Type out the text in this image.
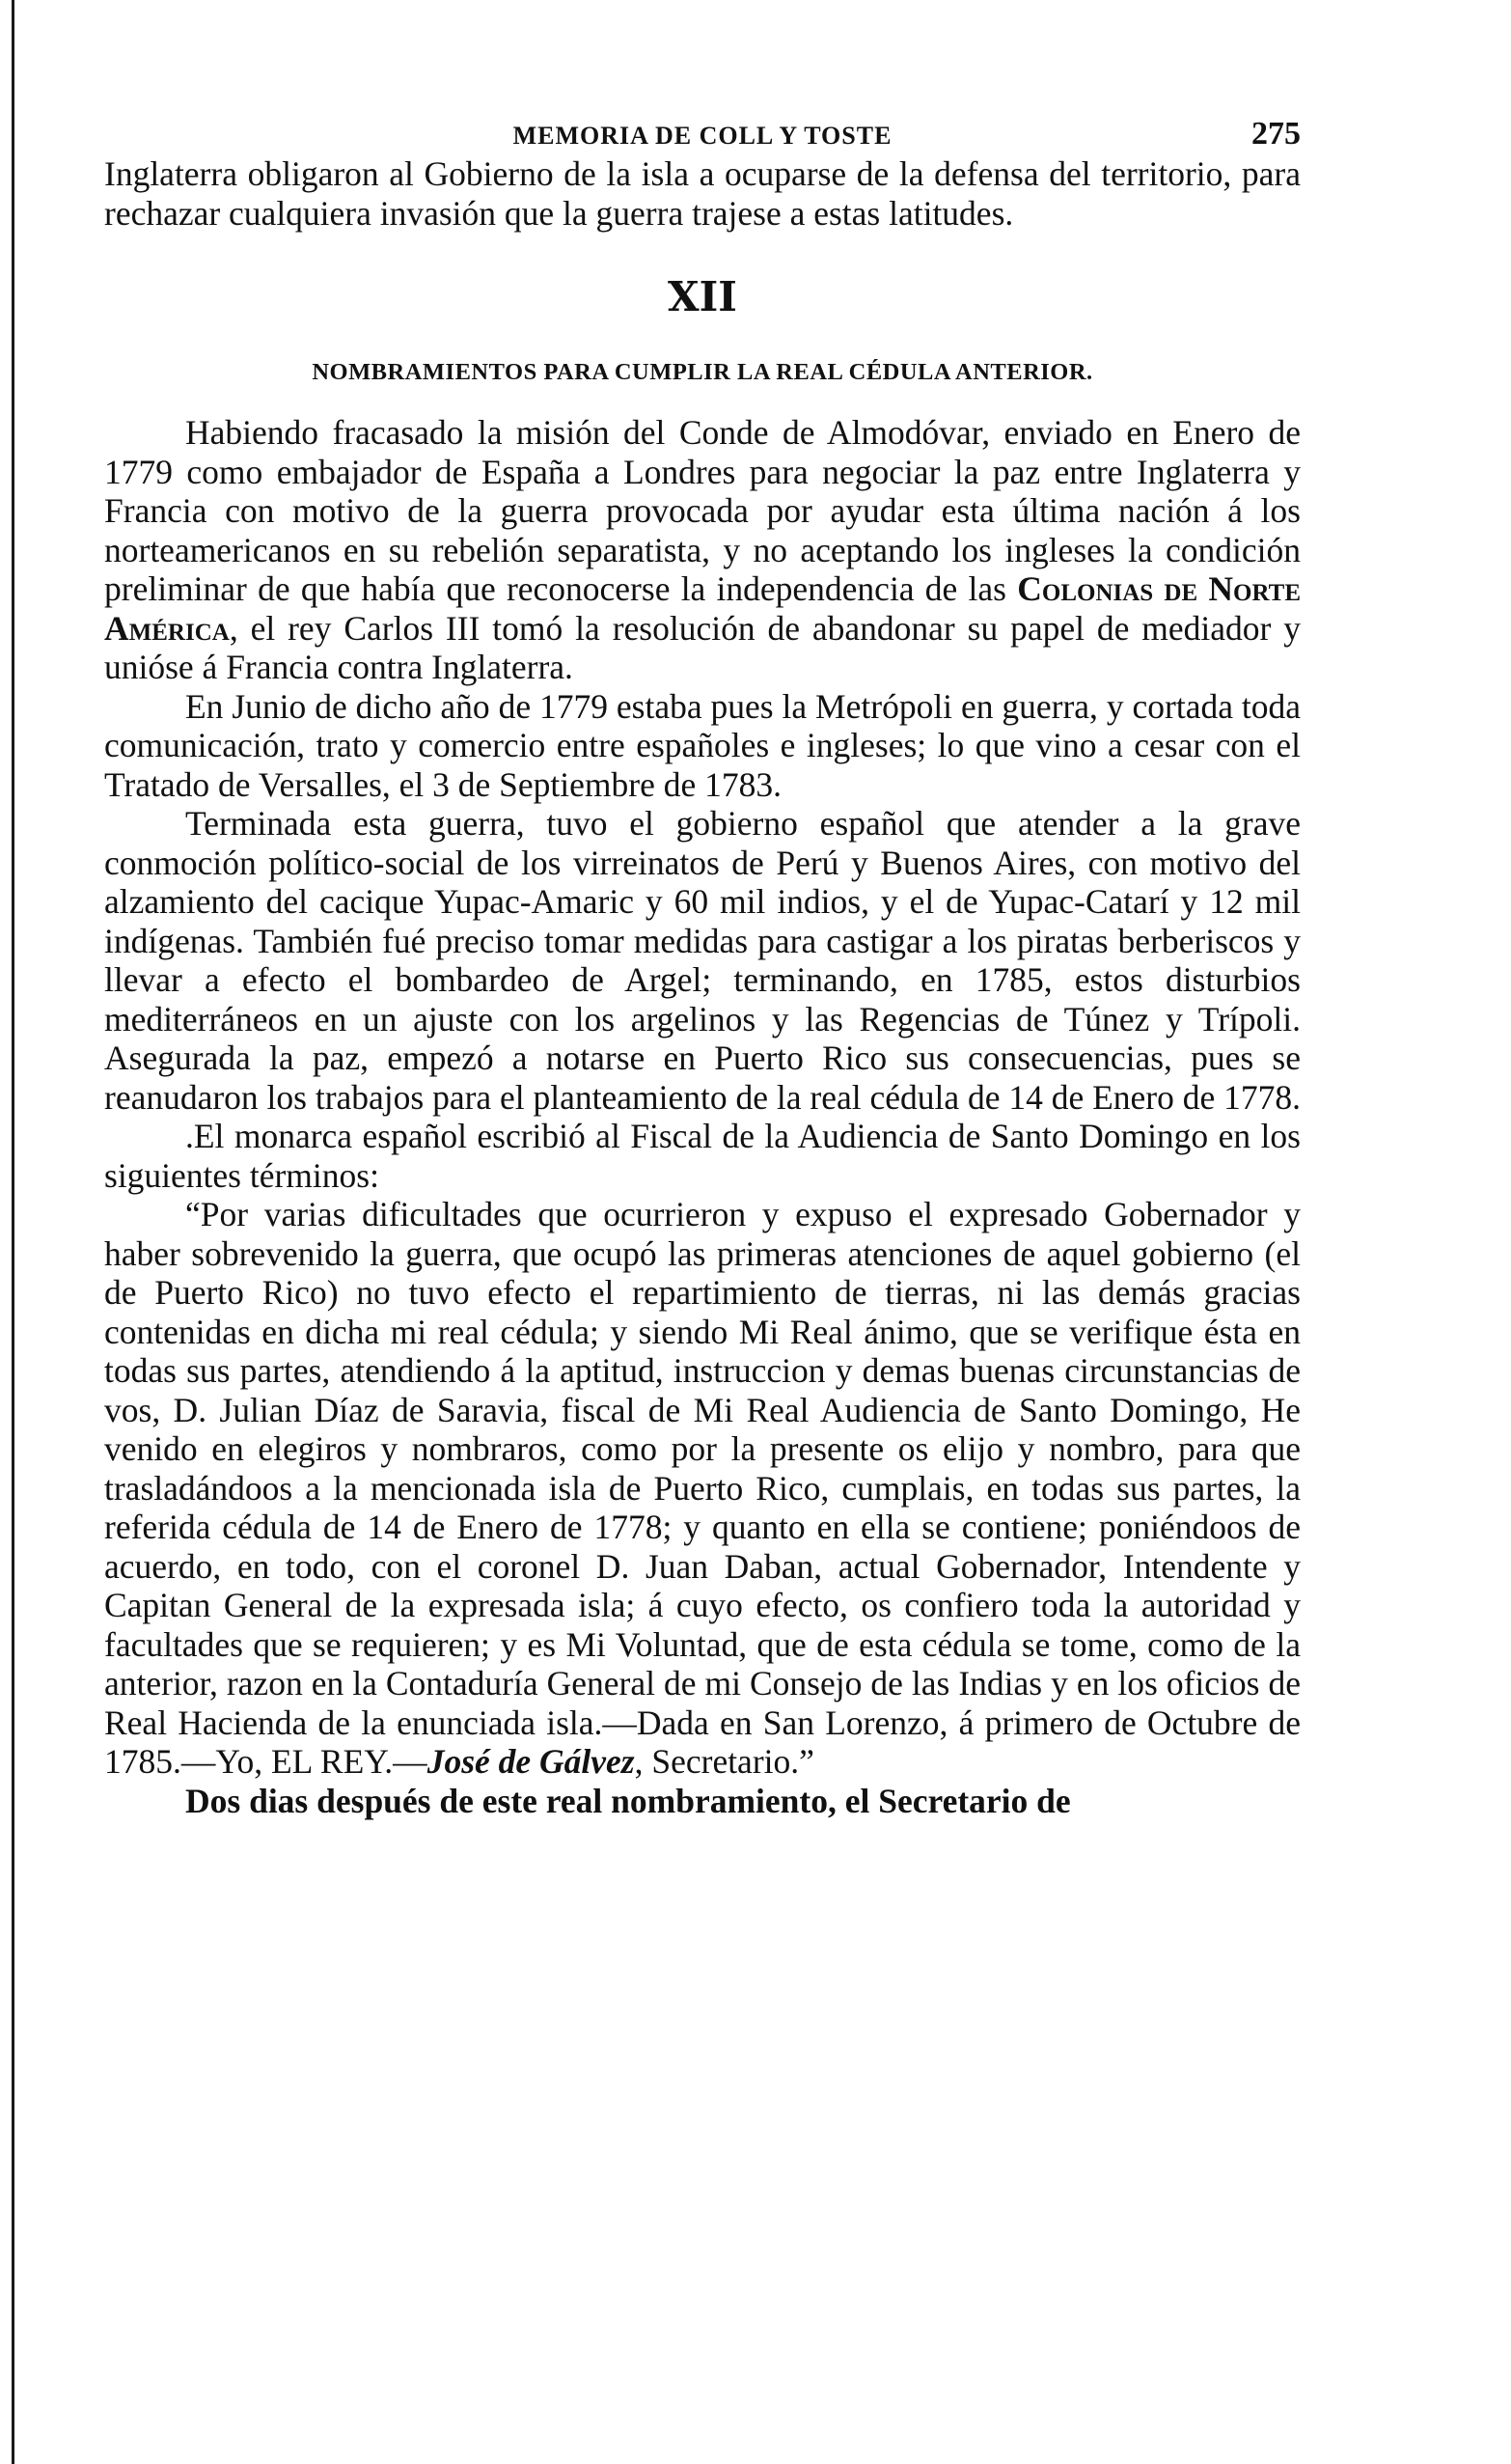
MEMORIA DE COLL Y TOSTE	275

Inglaterra obligaron al Gobierno de la isla a ocuparse de la defensa del territorio, para rechazar cualquiera invasión que la guerra trajese a estas latitudes.

XII
NOMBRAMIENTOS PARA CUMPLIR LA REAL CÉDULA ANTERIOR.

Habiendo fracasado la misión del Conde de Almodóvar, enviado en Enero de 1779 como embajador de España a Londres para negociar la paz entre Inglaterra y Francia con motivo de la guerra provocada por ayudar esta última nación á los norteamericanos en su rebelión separatista, y no aceptando los ingleses la condición preliminar de que había que reconocerse la independencia de las Colonias de Norte América, el rey Carlos III tomó la resolución de abandonar su papel de mediador y unióse á Francia contra Inglaterra.

En Junio de dicho año de 1779 estaba pues la Metrópoli en guerra, y cortada toda comunicación, trato y comercio entre españoles e ingleses; lo que vino a cesar con el Tratado de Versalles, el 3 de Septiembre de 1783.

Terminada esta guerra, tuvo el gobierno español que atender a la grave conmoción político-social de los virreinatos de Perú y Buenos Aires, con motivo del alzamiento del cacique Yupac-Amaric y 60 mil indios, y el de Yupac-Catarí y 12 mil indígenas. También fué preciso tomar medidas para castigar a los piratas berberiscos y llevar a efecto el bombardeo de Argel; terminando, en 1785, estos disturbios mediterráneos en un ajuste con los argelinos y las Regencias de Túnez y Trípoli. Asegurada la paz, empezó a notarse en Puerto Rico sus consecuencias, pues se reanudaron los trabajos para el planteamiento de la real cédula de 14 de Enero de 1778.

.El monarca español escribió al Fiscal de la Audiencia de Santo Domingo en los siguientes términos:

“Por varias dificultades que ocurrieron y expuso el expresado Gobernador y haber sobrevenido la guerra, que ocupó las primeras atenciones de aquel gobierno (el de Puerto Rico) no tuvo efecto el repartimiento de tierras, ni las demás gracias contenidas en dicha mi real cédula; y siendo Mi Real ánimo, que se verifique ésta en todas sus partes, atendiendo á la aptitud, instruccion y demas buenas circunstancias de vos, D. Julian Díaz de Saravia, fiscal de Mi Real Audiencia de Santo Domingo, He venido en elegiros y nombraros, como por la presente os elijo y nombro, para que trasladándoos a la mencionada isla de Puerto Rico, cumplais, en todas sus partes, la referida cédula de 14 de Enero de 1778; y quanto en ella se contiene; poniéndoos de acuerdo, en todo, con el coronel D. Juan Daban, actual Gobernador, Intendente y Capitan General de la expresada isla; á cuyo efecto, os confiero toda la autoridad y facultades que se requieren; y es Mi Voluntad, que de esta cédula se tome, como de la anterior, razon en la Contaduría General de mi Consejo de las Indias y en los oficios de Real Hacienda de la enunciada isla.—Dada en San Lorenzo, á primero de Octubre de 1785.—Yo, EL REY.—José de Gálvez, Secretario.”

Dos dias después de este real nombramiento, el Secretario de
